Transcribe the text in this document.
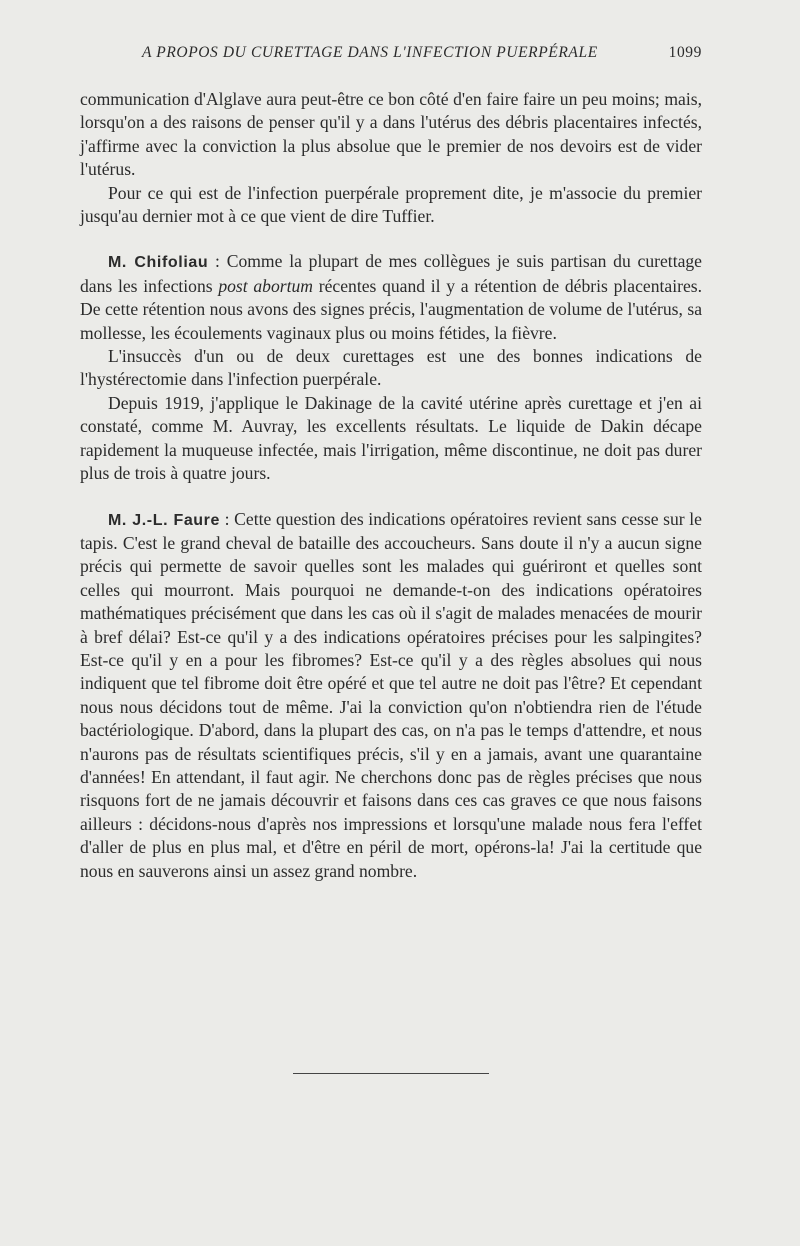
A PROPOS DU CURETTAGE DANS L'INFECTION PUERPÉRALE	1099

communication d'Alglave aura peut-être ce bon côté d'en faire faire un peu moins; mais, lorsqu'on a des raisons de penser qu'il y a dans l'utérus des débris placentaires infectés, j'affirme avec la conviction la plus absolue que le premier de nos devoirs est de vider l'utérus.

Pour ce qui est de l'infection puerpérale proprement dite, je m'associe du premier jusqu'au dernier mot à ce que vient de dire Tuffier.

M. Chifoliau : Comme la plupart de mes collègues je suis partisan du curettage dans les infections post abortum récentes quand il y a rétention de débris placentaires. De cette rétention nous avons des signes précis, l'augmentation de volume de l'utérus, sa mollesse, les écoulements vaginaux plus ou moins fétides, la fièvre.

L'insuccès d'un ou de deux curettages est une des bonnes indications de l'hystérectomie dans l'infection puerpérale.

Depuis 1919, j'applique le Dakinage de la cavité utérine après curettage et j'en ai constaté, comme M. Auvray, les excellents résultats. Le liquide de Dakin décape rapidement la muqueuse infectée, mais l'irrigation, même discontinue, ne doit pas durer plus de trois à quatre jours.

M. J.-L. Faure : Cette question des indications opératoires revient sans cesse sur le tapis. C'est le grand cheval de bataille des accoucheurs. Sans doute il n'y a aucun signe précis qui permette de savoir quelles sont les malades qui guériront et quelles sont celles qui mourront. Mais pourquoi ne demande-t-on des indications opératoires mathématiques précisément que dans les cas où il s'agit de malades menacées de mourir à bref délai? Est-ce qu'il y a des indications opératoires précises pour les salpingites? Est-ce qu'il y en a pour les fibromes? Est-ce qu'il y a des règles absolues qui nous indiquent que tel fibrome doit être opéré et que tel autre ne doit pas l'être? Et cependant nous nous décidons tout de même. J'ai la conviction qu'on n'obtiendra rien de l'étude bactériologique. D'abord, dans la plupart des cas, on n'a pas le temps d'attendre, et nous n'aurons pas de résultats scientifiques précis, s'il y en a jamais, avant une quarantaine d'années! En attendant, il faut agir. Ne cherchons donc pas de règles précises que nous risquons fort de ne jamais découvrir et faisons dans ces cas graves ce que nous faisons ailleurs : décidons-nous d'après nos impressions et lorsqu'une malade nous fera l'effet d'aller de plus en plus mal, et d'être en péril de mort, opérons-la! J'ai la certitude que nous en sauverons ainsi un assez grand nombre.
